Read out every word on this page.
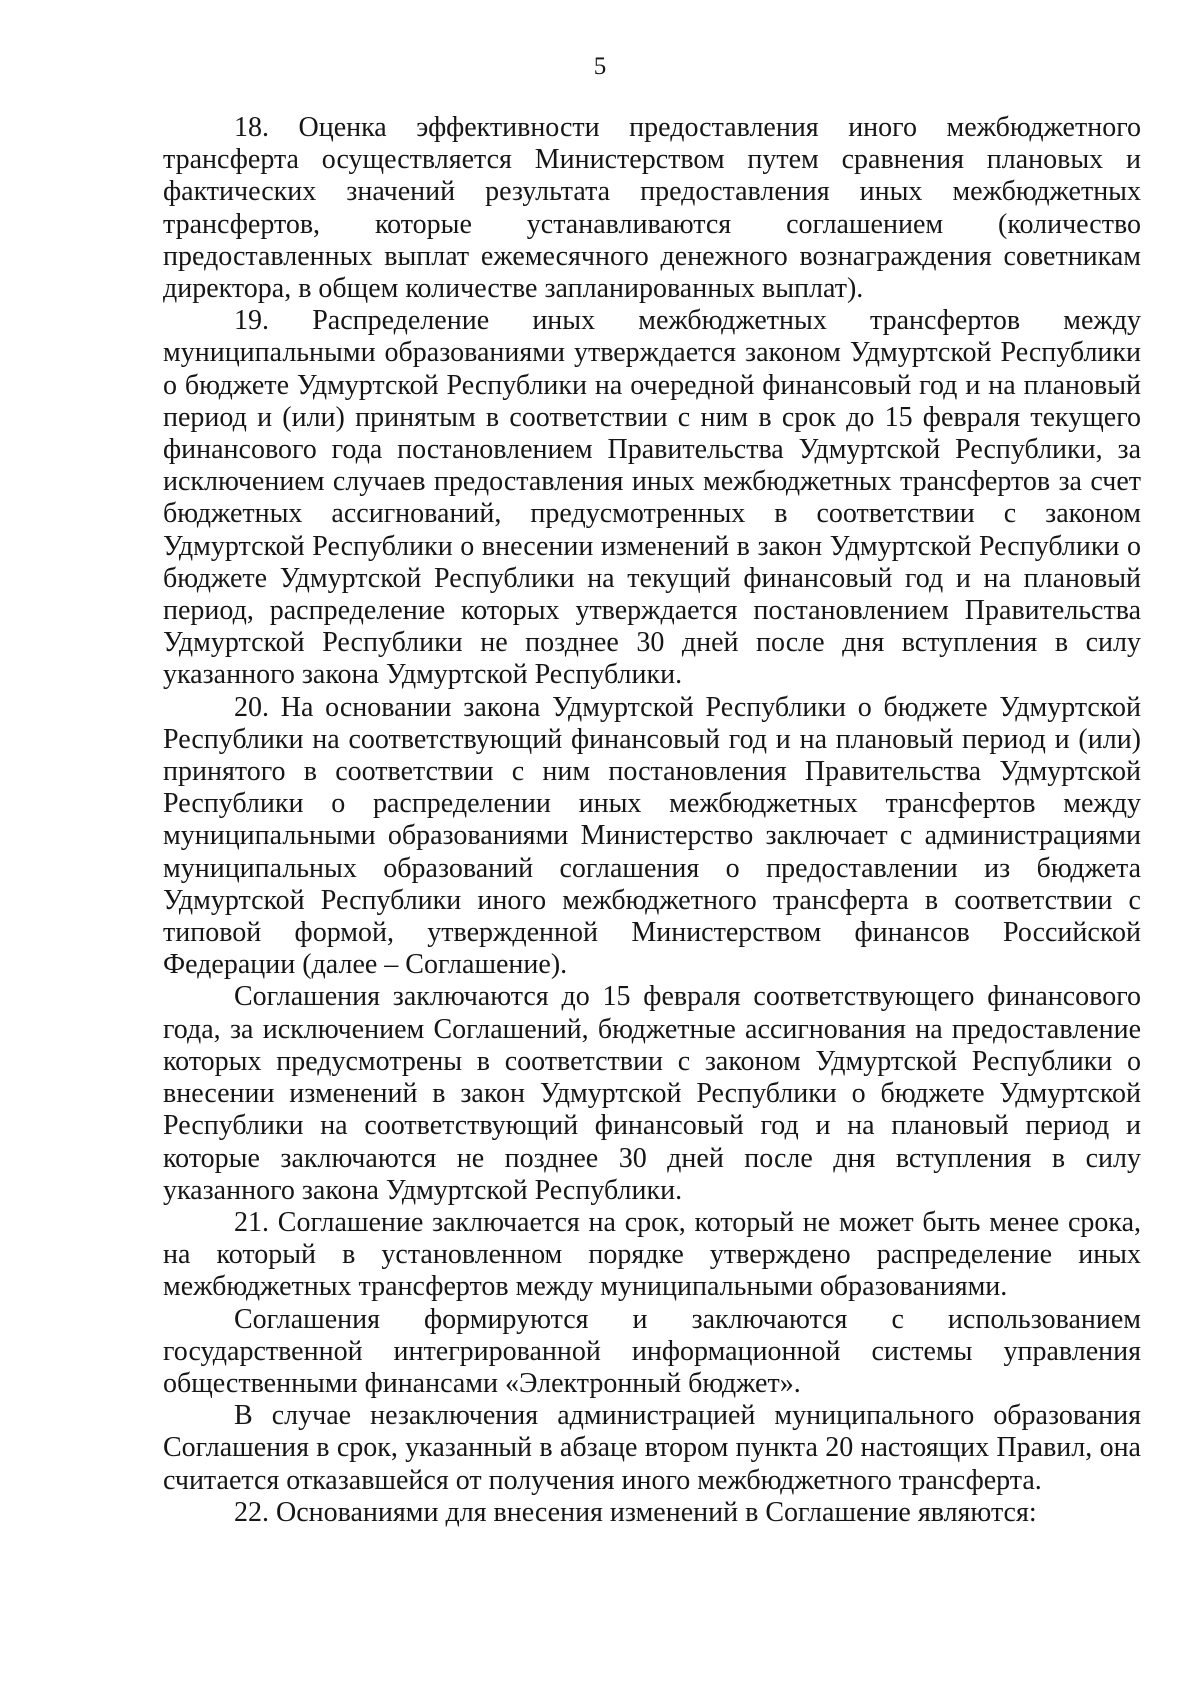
5

18. Оценка эффективности предоставления иного межбюджетного трансферта осуществляется Министерством путем сравнения плановых и фактических значений результата предоставления иных межбюджетных трансфертов, которые устанавливаются соглашением (количество предоставленных выплат ежемесячного денежного вознаграждения советникам директора, в общем количестве запланированных выплат).

19. Распределение иных межбюджетных трансфертов между муниципальными образованиями утверждается законом Удмуртской Республики о бюджете Удмуртской Республики на очередной финансовый год и на плановый период и (или) принятым в соответствии с ним в срок до 15 февраля текущего финансового года постановлением Правительства Удмуртской Республики, за исключением случаев предоставления иных межбюджетных трансфертов за счет бюджетных ассигнований, предусмотренных в соответствии с законом Удмуртской Республики о внесении изменений в закон Удмуртской Республики о бюджете Удмуртской Республики на текущий финансовый год и на плановый период, распределение которых утверждается постановлением Правительства Удмуртской Республики не позднее 30 дней после дня вступления в силу указанного закона Удмуртской Республики.

20. На основании закона Удмуртской Республики о бюджете Удмуртской Республики на соответствующий финансовый год и на плановый период и (или) принятого в соответствии с ним постановления Правительства Удмуртской Республики о распределении иных межбюджетных трансфертов между муниципальными образованиями Министерство заключает с администрациями муниципальных образований соглашения о предоставлении из бюджета Удмуртской Республики иного межбюджетного трансферта в соответствии с типовой формой, утвержденной Министерством финансов Российской Федерации (далее – Соглашение).

Соглашения заключаются до 15 февраля соответствующего финансового года, за исключением Соглашений, бюджетные ассигнования на предоставление которых предусмотрены в соответствии с законом Удмуртской Республики о внесении изменений в закон Удмуртской Республики о бюджете Удмуртской Республики на соответствующий финансовый год и на плановый период и которые заключаются не позднее 30 дней после дня вступления в силу указанного закона Удмуртской Республики.

21. Соглашение заключается на срок, который не может быть менее срока, на который в установленном порядке утверждено распределение иных межбюджетных трансфертов между муниципальными образованиями.

Соглашения формируются и заключаются с использованием государственной интегрированной информационной системы управления общественными финансами «Электронный бюджет».

В случае незаключения администрацией муниципального образования Соглашения в срок, указанный в абзаце втором пункта 20 настоящих Правил, она считается отказавшейся от получения иного межбюджетного трансферта.

22. Основаниями для внесения изменений в Соглашение являются:
